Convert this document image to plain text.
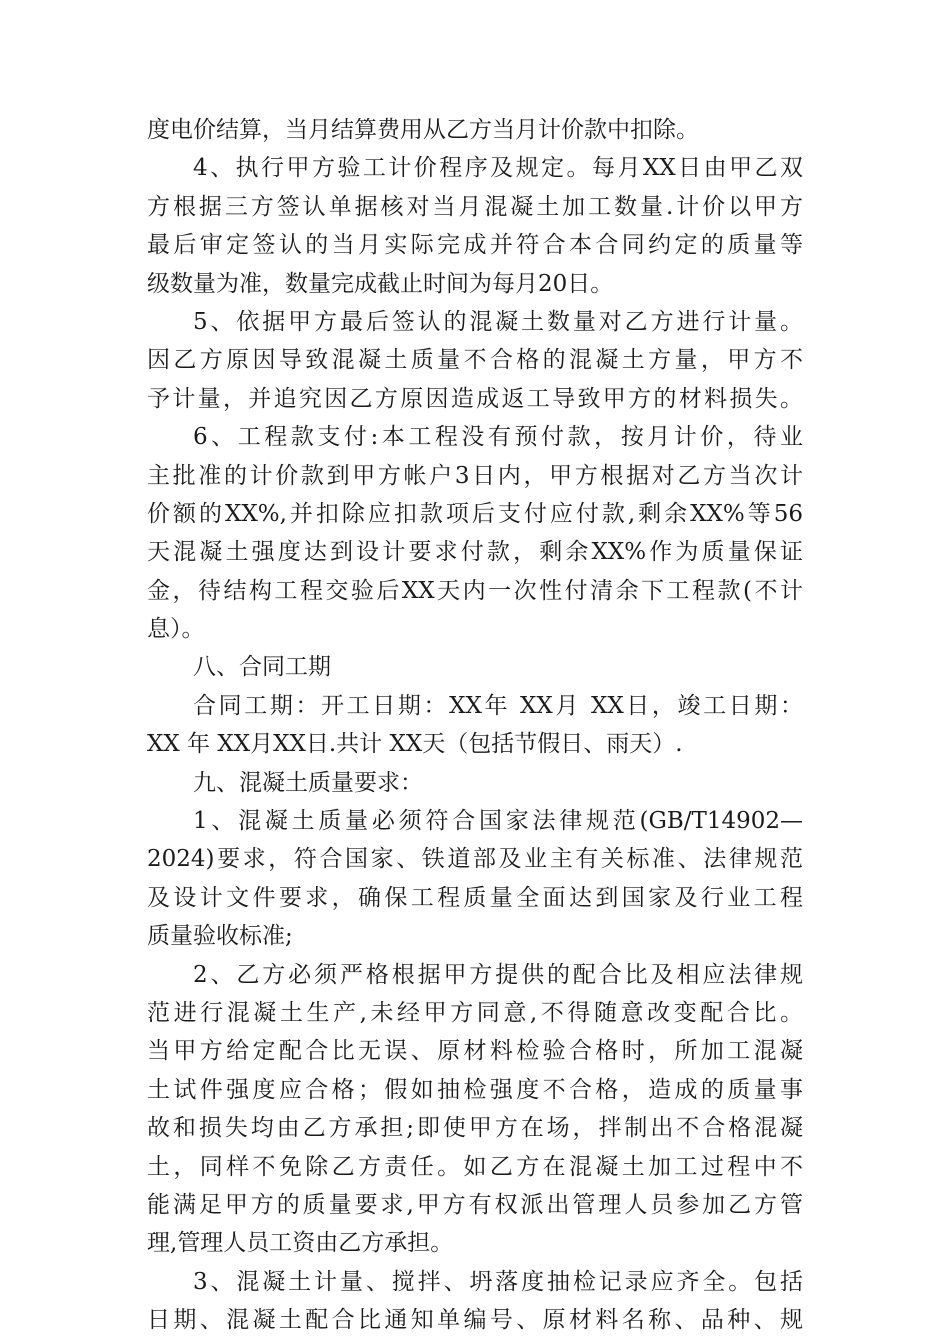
度电价结算，当月结算费用从乙方当月计价款中扣除。
4、执行甲方验工计价程序及规定。每月XX日由甲乙双
方根据三方签认单据核对当月混凝土加工数量.计价以甲方
最后审定签认的当月实际完成并符合本合同约定的质量等
级数量为准，数量完成截止时间为每月20日。
5、依据甲方最后签认的混凝土数量对乙方进行计量。
因乙方原因导致混凝土质量不合格的混凝土方量，甲方不
予计量，并追究因乙方原因造成返工导致甲方的材料损失。
6、工程款支付:本工程没有预付款，按月计价，待业
主批准的计价款到甲方帐户3日内，甲方根据对乙方当次计
价额的XX%,并扣除应扣款项后支付应付款,剩余XX%等56
天混凝土强度达到设计要求付款，剩余XX%作为质量保证
金，待结构工程交验后XX天内一次性付清余下工程款(不计
息）。
八、合同工期
合同工期：开工日期：XX年 XX月 XX日，竣工日期：
XX 年 XX月XX日.共计 XX天（包括节假日、雨天）.
九、混凝土质量要求：
1、混凝土质量必须符合国家法律规范(GB/T14902—
2024)要求，符合国家、铁道部及业主有关标准、法律规范
及设计文件要求，确保工程质量全面达到国家及行业工程
质量验收标准;
2、乙方必须严格根据甲方提供的配合比及相应法律规
范进行混凝土生产,未经甲方同意,不得随意改变配合比。
当甲方给定配合比无误、原材料检验合格时，所加工混凝
土试件强度应合格；假如抽检强度不合格，造成的质量事
故和损失均由乙方承担;即使甲方在场，拌制出不合格混凝
土，同样不免除乙方责任。如乙方在混凝土加工过程中不
能满足甲方的质量要求,甲方有权派出管理人员参加乙方管
理,管理人员工资由乙方承担。
3、混凝土计量、搅拌、坍落度抽检记录应齐全。包括
日期、混凝土配合比通知单编号、原材料名称、品种、规
